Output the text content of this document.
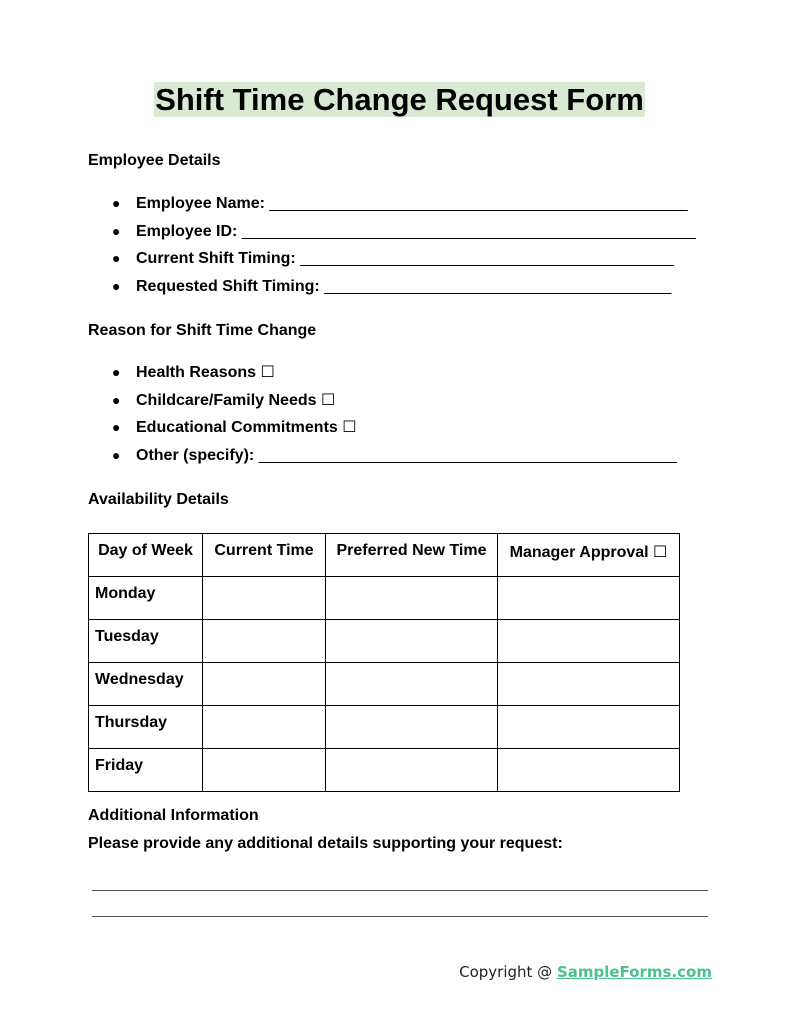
Shift Time Change Request Form
Employee Details
● Employee Name: _______________________________________________
● Employee ID: ___________________________________________________
● Current Shift Timing: __________________________________________
● Requested Shift Timing: _______________________________________
Reason for Shift Time Change
● Health Reasons ☐
● Childcare/Family Needs ☐
● Educational Commitments ☐
● Other (specify): _______________________________________________
Availability Details
Day of Week	Current Time	Preferred New Time	Manager Approval ☐
Monday			
Tuesday			
Wednesday			
Thursday			
Friday			
Additional Information
Please provide any additional details supporting your request:
Copyright @ SampleForms.com
